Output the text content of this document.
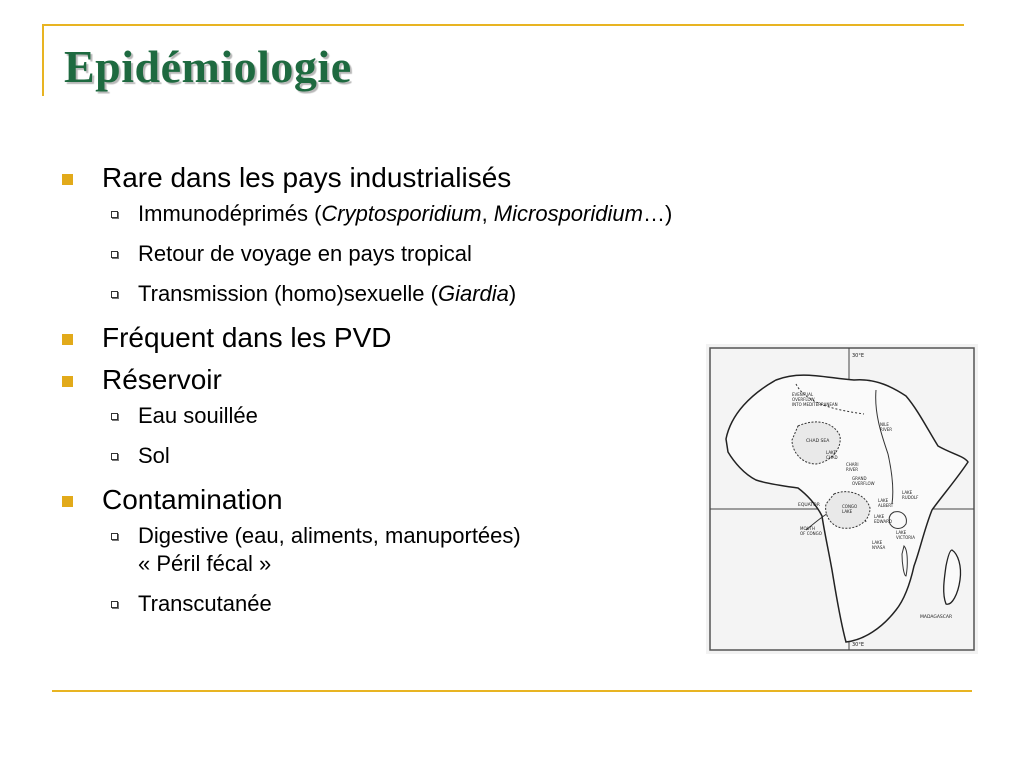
Epidémiologie
Rare dans les pays industrialisés
Immunodéprimés (Cryptosporidium, Microsporidium…)
Retour de voyage en pays tropical
Transmission (homo)sexuelle (Giardia)
Fréquent dans les PVD
Réservoir
Eau souillée
Sol
Contamination
Digestive (eau, aliments, manuportées)
« Péril fécal »
Transcutanée
30°E
30°E
EVENTUAL
OVERFLOW
INTO MEDITERRANEAN
NILE
RIVER
CHAD SEA
LAKE
CHAD
CHARI
RIVER
GRAND
OVERFLOW
EQUATOR
LAKE
RUDOLF
CONGO
LAKE
LAKE
ALBERT
LAKE
EDWARD
LAKE
VICTORIA
MOUTH
OF CONGO
LAKE
NYASA
MADAGASCAR
